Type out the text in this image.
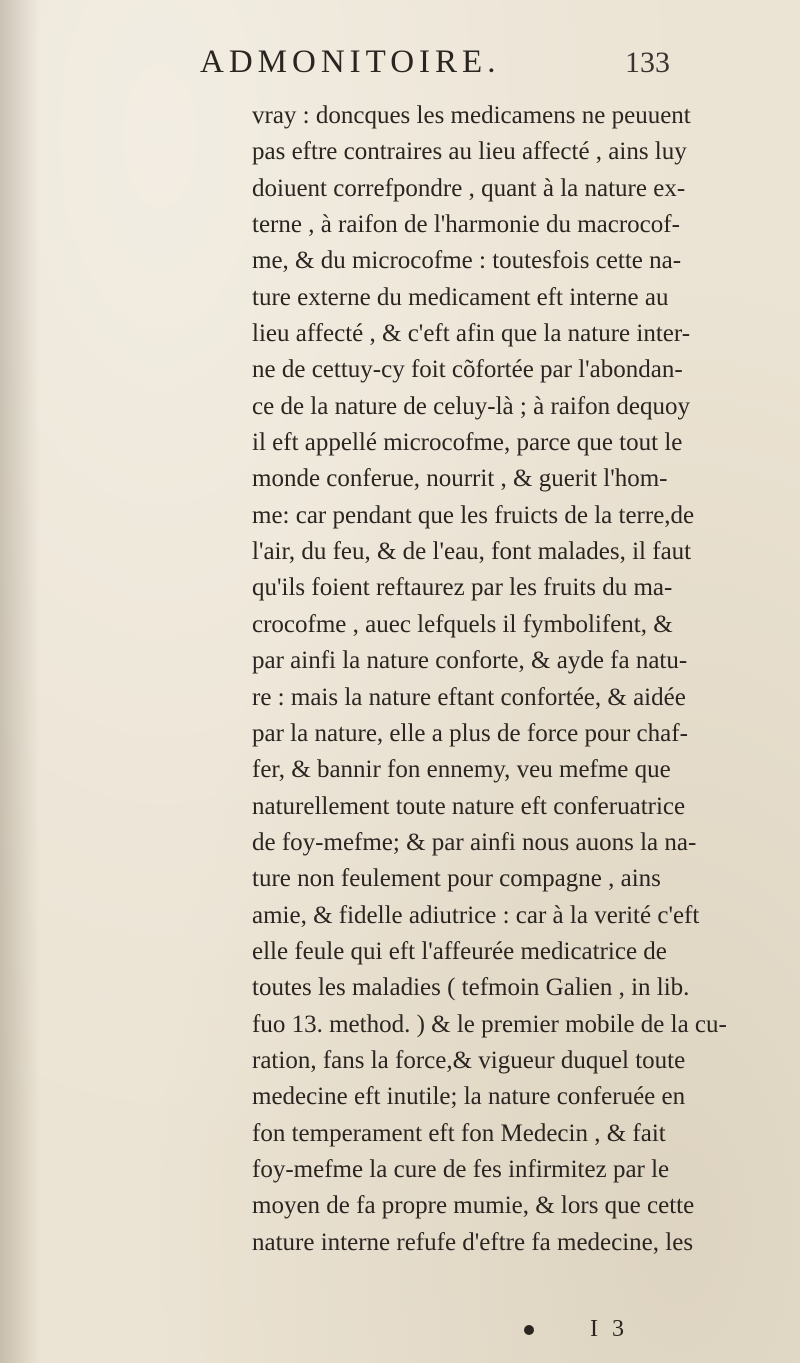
ADMONITOIRE.	133
vray : doncques les medicamens ne peuuent
pas eftre contraires au lieu affecté , ains luy
doiuent correfpondre , quant à la nature ex-
terne , à raifon de l'harmonie du macrocof-
me, & du microcofme : toutesfois cette na-
ture externe du medicament eft interne au
lieu affecté , & c'eft afin que la nature inter-
ne de cettuy-cy foit cõfortée par l'abondan-
ce de la nature de celuy-là ; à raifon dequoy
il eft appellé microcofme, parce que tout le
monde conferue, nourrit , & guerit l'hom-
me: car pendant que les fruicts de la terre,de
l'air, du feu, & de l'eau, font malades, il faut
qu'ils foient reftaurez par les fruits du ma-
crocofme , auec lefquels il fymbolifent, &
par ainfi la nature conforte, & ayde fa natu-
re : mais la nature eftant confortée, & aidée
par la nature, elle a plus de force pour chaf-
fer, & bannir fon ennemy, veu mefme que
naturellement toute nature eft conferuatrice
de foy-mefme; & par ainfi nous auons la na-
ture non feulement pour compagne , ains
amie, & fidelle adiutrice : car à la verité c'eft
elle feule qui eft l'affeurée medicatrice de
toutes les maladies ( tefmoin Galien , in lib.
fuo 13. method. ) & le premier mobile de la cu-
ration, fans la force,& vigueur duquel toute
medecine eft inutile; la nature conferuée en
fon temperament eft fon Medecin , & fait
foy-mefme la cure de fes infirmitez par le
moyen de fa propre mumie, & lors que cette
nature interne refufe d'eftre fa medecine, les
I 3
